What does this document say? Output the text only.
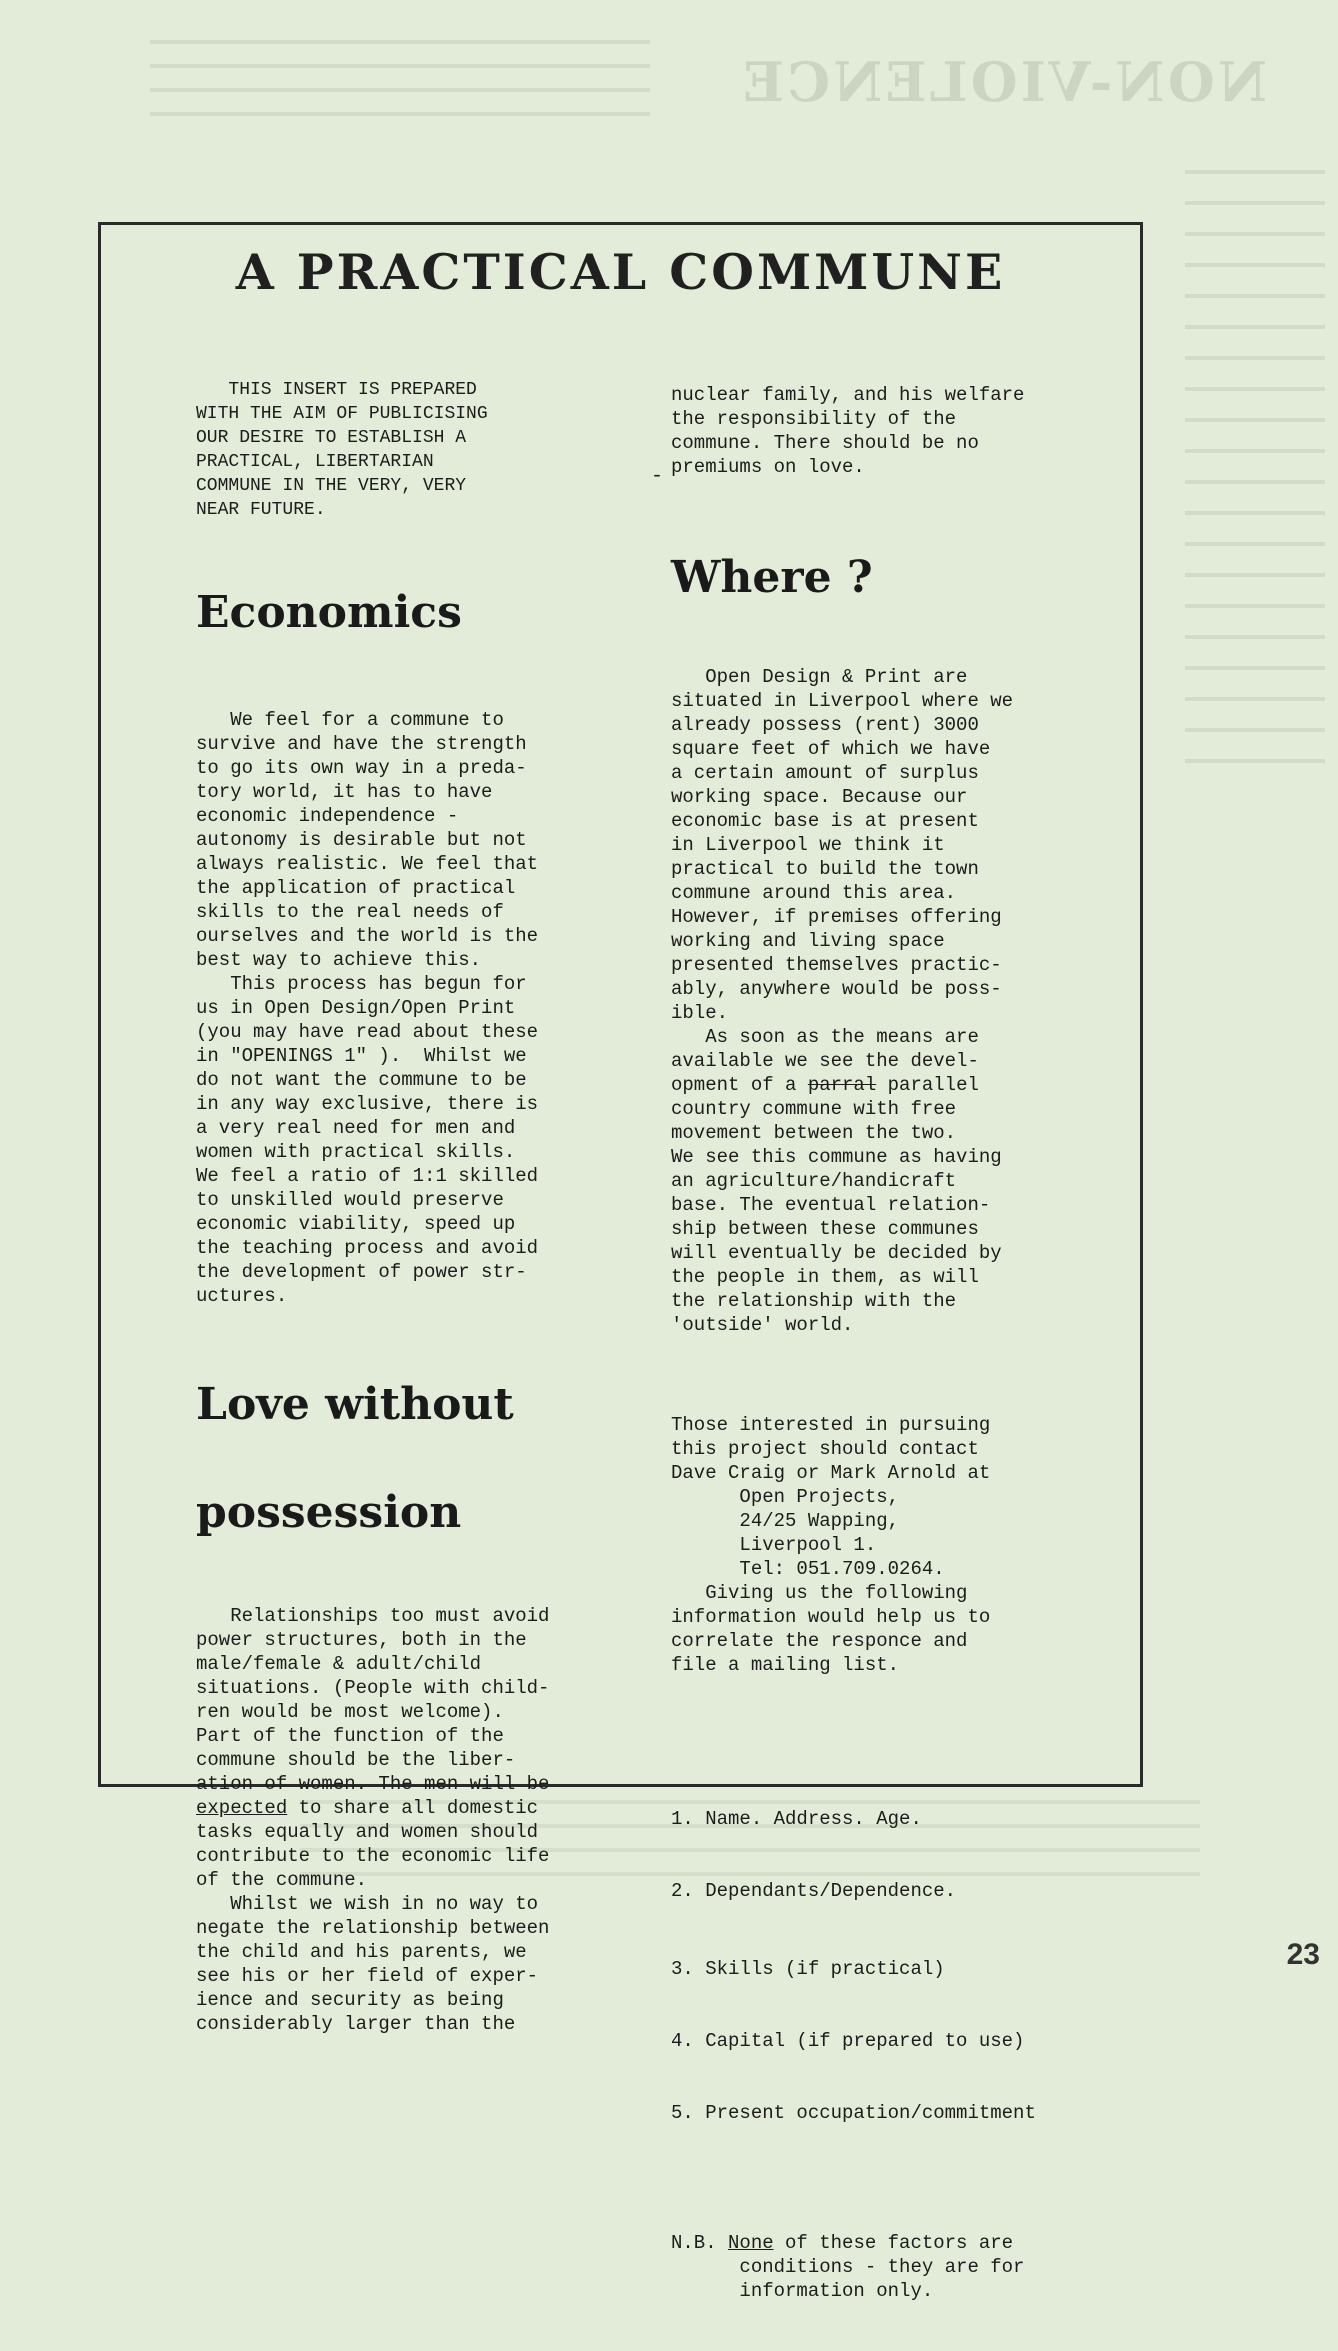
NON-VIOLENCE
A PRACTICAL COMMUNE
-

THIS INSERT IS PREPARED
WITH THE AIM OF PUBLICISING
OUR DESIRE TO ESTABLISH A
PRACTICAL, LIBERTARIAN
COMMUNE IN THE VERY, VERY
NEAR FUTURE.

Economics

We feel for a commune to
survive and have the strength
to go its own way in a preda-
tory world, it has to have
economic independence -
autonomy is desirable but not
always realistic. We feel that
the application of practical
skills to the real needs of
ourselves and the world is the
best way to achieve this.
This process has begun for
us in Open Design/Open Print
(you may have read about these
in "OPENINGS 1" ).  Whilst we
do not want the commune to be
in any way exclusive, there is
a very real need for men and
women with practical skills.
We feel a ratio of 1:1 skilled
to unskilled would preserve
economic viability, speed up
the teaching process and avoid
the development of power str-
uctures.

Love without

possession

Relationships too must avoid
power structures, both in the
male/female & adult/child
situations. (People with child-
ren would be most welcome).
Part of the function of the
commune should be the liber-
ation of women. The men will be
expected to share all domestic
tasks equally and women should
contribute to the economic life
of the commune.
Whilst we wish in no way to
negate the relationship between
the child and his parents, we
see his or her field of exper-
ience and security as being
considerably larger than the

nuclear family, and his welfare
the responsibility of the
commune. There should be no
premiums on love.

Where ?

Open Design & Print are
situated in Liverpool where we
already possess (rent) 3000
square feet of which we have
a certain amount of surplus
working space. Because our
economic base is at present
in Liverpool we think it
practical to build the town
commune around this area.
However, if premises offering
working and living space
presented themselves practic-
ably, anywhere would be poss-
ible.
As soon as the means are
available we see the devel-
opment of a parral parallel
country commune with free
movement between the two.
We see this commune as having
an agriculture/handicraft
base. The eventual relation-
ship between these communes
will eventually be decided by
the people in them, as will
the relationship with the
'outside' world.

Those interested in pursuing
this project should contact
Dave Craig or Mark Arnold at
Open Projects,
24/25 Wapping,
Liverpool 1.
Tel: 051.709.0264.
Giving us the following
information would help us to
correlate the responce and
file a mailing list.

1. Name. Address. Age.

2. Dependants/Dependence.

3. Skills (if practical)

4. Capital (if prepared to use)

5. Present occupation/commitment

N.B. None of these factors are
conditions - they are for
information only.

23
